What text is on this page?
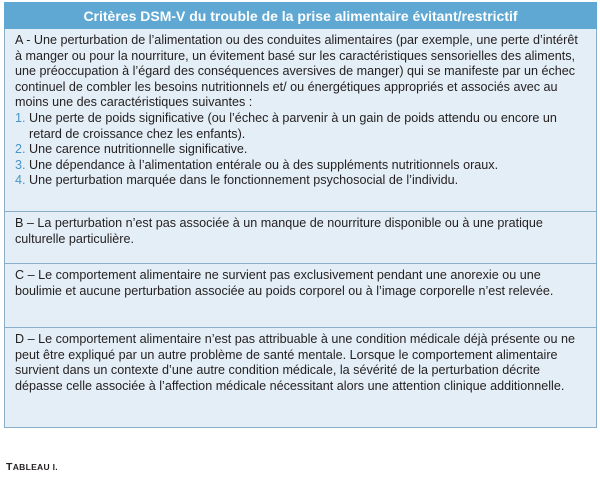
Critères DSM-V du trouble de la prise alimentaire évitant/restrictif

A - Une perturbation de l’alimentation ou des conduites alimentaires (par exemple, une perte d’intérêt à manger ou pour la nourriture, un évitement basé sur les caractéristiques sensorielles des aliments, une préoccupation à l’égard des conséquences aversives de manger) qui se manifeste par un échec continuel de combler les besoins nutritionnels et/ ou énergétiques appropriés et associés avec au moins une des caractéristiques suivantes :

1. Une perte de poids significative (ou l’échec à parvenir à un gain de poids attendu ou encore un retard de croissance chez les enfants).
2. Une carence nutritionnelle significative.
3. Une dépendance à l’alimentation entérale ou à des suppléments nutritionnels oraux.
4. Une perturbation marquée dans le fonctionnement psychosocial de l’individu.

B – La perturbation n’est pas associée à un manque de nourriture disponible ou à une pratique culturelle particulière.

C – Le comportement alimentaire ne survient pas exclusivement pendant une anorexie ou une boulimie et aucune perturbation associée au poids corporel ou à l’image corporelle n’est relevée.

D – Le comportement alimentaire n’est pas attribuable à une condition médicale déjà présente ou ne peut être expliqué par un autre problème de santé mentale. Lorsque le comportement alimentaire survient dans un contexte d’une autre condition médicale, la sévérité de la perturbation décrite dépasse celle associée à l’affection médicale nécessitant alors une attention clinique additionnelle.

TABLEAU I.
